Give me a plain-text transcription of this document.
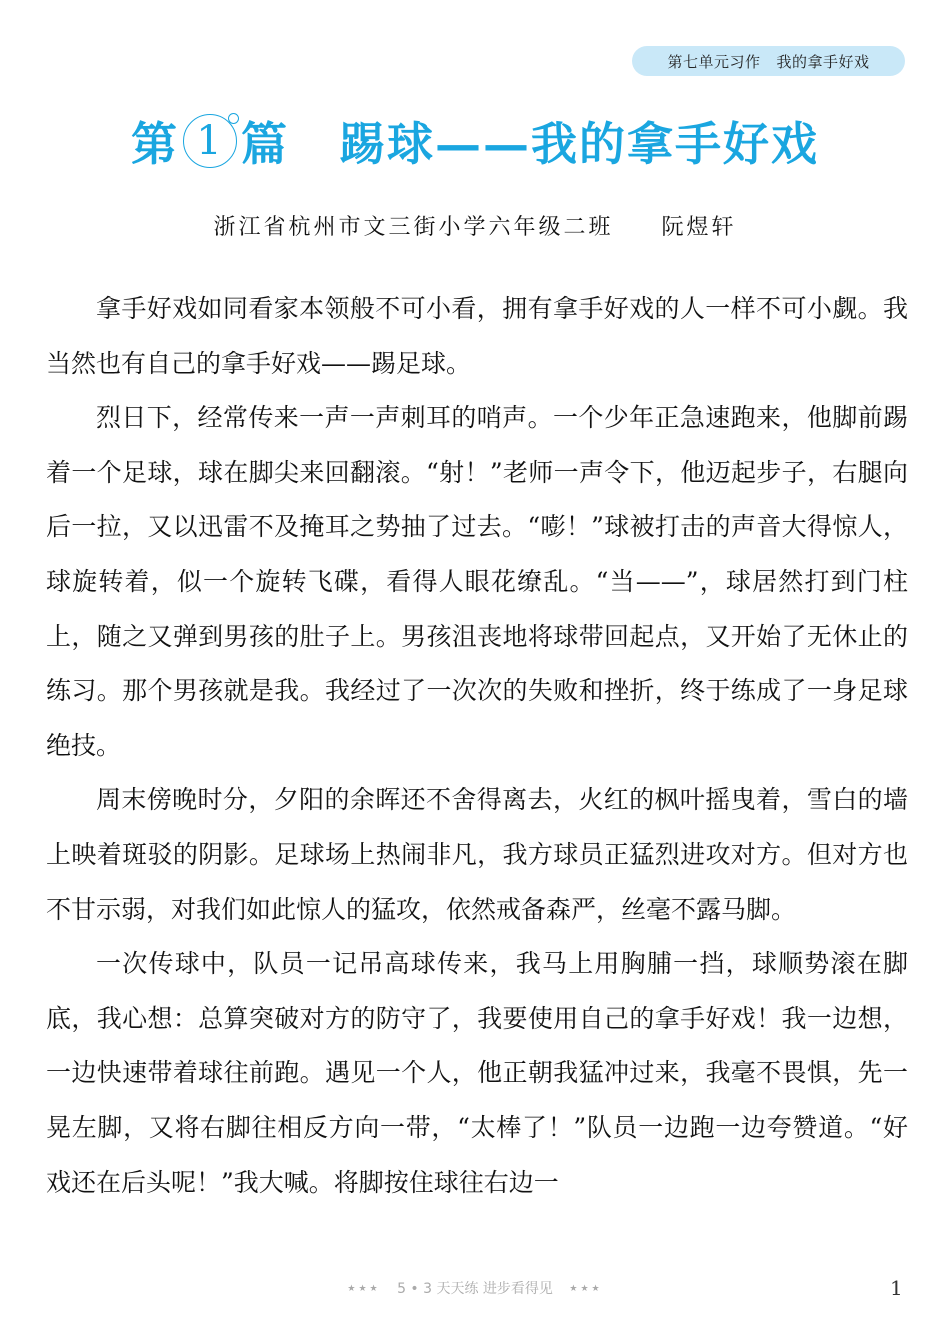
第七单元习作 我的拿手好戏
第 1 篇 踢球——我的拿手好戏
浙江省杭州市文三街小学六年级二班 阮煜轩

拿手好戏如同看家本领般不可小看，拥有拿手好戏的人一样不可小觑。我当然也有自己的拿手好戏——踢足球。

烈日下，经常传来一声一声刺耳的哨声。一个少年正急速跑来，他脚前踢着一个足球，球在脚尖来回翻滚。“射！”老师一声令下，他迈起步子，右腿向后一拉，又以迅雷不及掩耳之势抽了过去。“嘭！”球被打击的声音大得惊人，球旋转着，似一个旋转飞碟，看得人眼花缭乱。“当——”，球居然打到门柱上，随之又弹到男孩的肚子上。男孩沮丧地将球带回起点，又开始了无休止的练习。那个男孩就是我。我经过了一次次的失败和挫折，终于练成了一身足球绝技。

周末傍晚时分，夕阳的余晖还不舍得离去，火红的枫叶摇曳着，雪白的墙上映着斑驳的阴影。足球场上热闹非凡，我方球员正猛烈进攻对方。但对方也不甘示弱，对我们如此惊人的猛攻，依然戒备森严，丝毫不露马脚。

一次传球中，队员一记吊高球传来，我马上用胸脯一挡，球顺势滚在脚底，我心想：总算突破对方的防守了，我要使用自己的拿手好戏！我一边想，一边快速带着球往前跑。遇见一个人，他正朝我猛冲过来，我毫不畏惧，先一晃左脚，又将右脚往相反方向一带，“太棒了！”队员一边跑一边夸赞道。“好戏还在后头呢！”我大喊。将脚按住球往右边一

★★★ 5 • 3 天天练 进步看得见 ★★★	1
